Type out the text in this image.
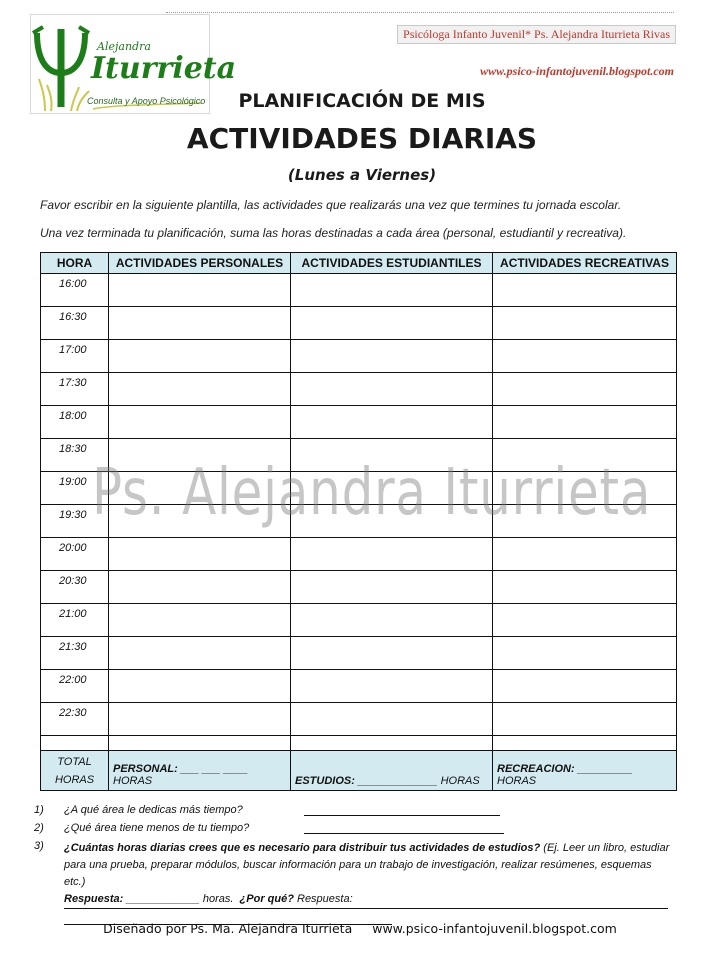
Alejandra
Iturrieta
Consulta y Apoyo Psicológico
Psicóloga Infanto Juvenil* Ps. Alejandra Iturrieta Rivas
www.psico-infantojuvenil.blogspot.com
PLANIFICACIÓN DE MIS
ACTIVIDADES DIARIAS
(Lunes a Viernes)
Favor escribir en la siguiente plantilla, las actividades que realizarás una vez que termines tu jornada escolar.
Una vez terminada tu planificación, suma las horas destinadas a cada área (personal, estudiantil y recreativa).
HORA	ACTIVIDADES PERSONALES	ACTIVIDADES ESTUDIANTILES	ACTIVIDADES RECREATIVAS
16:00			
16:30			
17:00			
17:30			
18:00			
18:30			
19:00			
19:30			
20:00			
20:30			
21:00			
21:30			
22:00			
22:30			

TOTAL
HORAS	PERSONAL: ___ ___ ____ HORAS	ESTUDIOS: _____________ HORAS	RECREACION: _________ HORAS
Ps. Alejandra Iturrieta
1) ¿A qué área le dedicas más tiempo?
2) ¿Qué área tiene menos de tu tiempo?
3) ¿Cuántas horas diarias crees que es necesario para distribuir tus actividades de estudios? (Ej. Leer un libro, estudiar para una prueba, preparar módulos, buscar información para un trabajo de investigación, realizar resúmenes, esquemas etc.)
Respuesta: ____________ horas. ¿Por qué? Respuesta:
Diseñado por Ps. Ma. Alejandra Iturrieta www.psico-infantojuvenil.blogspot.com
